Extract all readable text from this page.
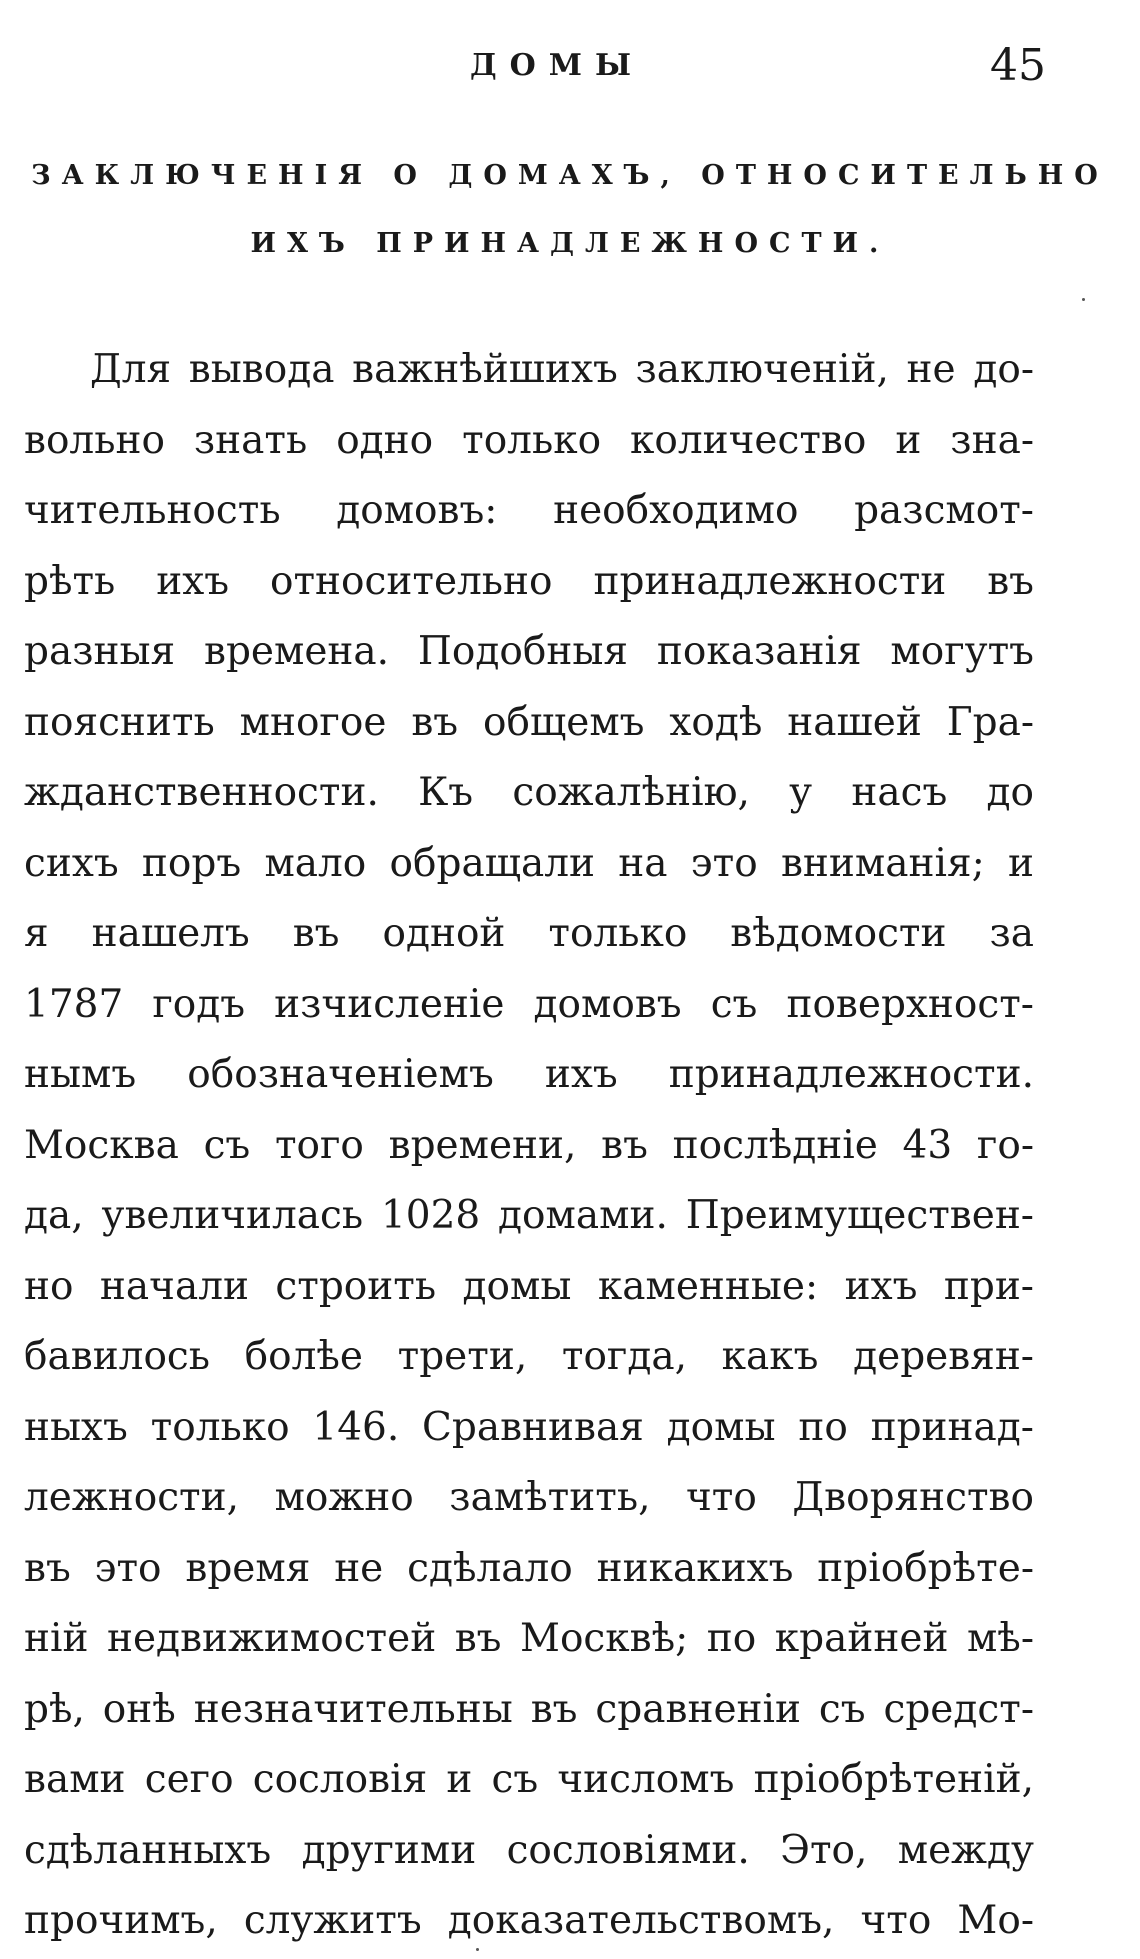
ДОМЫ	45
ЗАКЛЮЧЕНІЯ О ДОМАХЪ, ОТНОСИТЕЛЬНО
ИХЪ ПРИНАДЛЕЖНОСТИ.
Для вывода важнѣйшихъ заключеній, не до-
вольно знать одно только количество и зна-
чительность домовъ: необходимо разсмот-
рѣть ихъ относительно принадлежности въ
разныя времена. Подобныя показанія могутъ
пояснить многое въ общемъ ходѣ нашей Гра-
жданственности. Къ сожалѣнію, у насъ до
сихъ поръ мало обращали на это вниманія; и
я нашелъ въ одной только вѣдомости за
1787 годъ изчисленіе домовъ съ поверхност-
нымъ обозначеніемъ ихъ принадлежности.
Москва съ того времени, въ послѣдніе 43 го-
да, увеличилась 1028 домами. Преимуществен-
но начали строить домы каменные: ихъ при-
бавилось болѣе трети, тогда, какъ деревян-
ныхъ только 146. Сравнивая домы по принад-
лежности, можно замѣтить, что Дворянство
въ это время не сдѣлало никакихъ пріобрѣте-
ній недвижимостей въ Москвѣ; по крайней мѣ-
рѣ, онѣ незначительны въ сравненіи съ средст-
вами сего сословія и съ числомъ пріобрѣтеній,
сдѣланныхъ другими сословіями. Это, между
прочимъ, служитъ доказательствомъ, что Мо-
